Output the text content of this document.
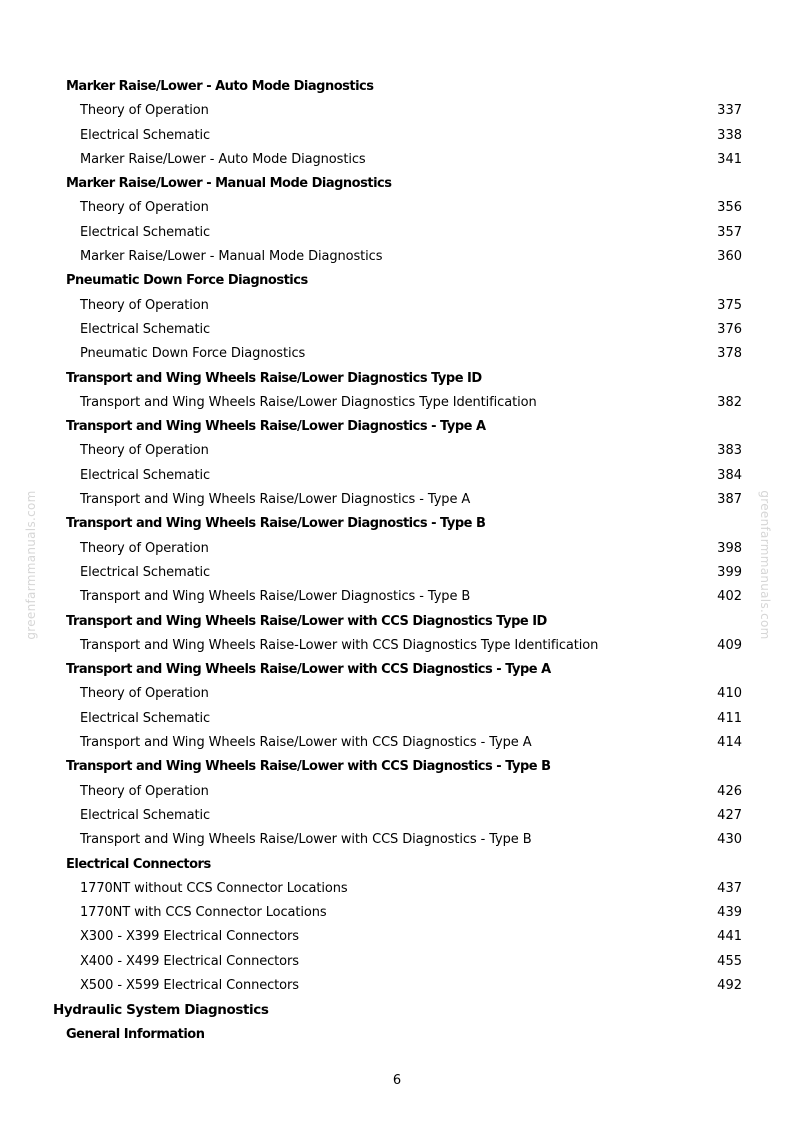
greenfarmmanuals.com	greenfarmmanuals.com
Marker Raise/Lower - Auto Mode Diagnostics
Theory of Operation	337
Electrical Schematic	338
Marker Raise/Lower - Auto Mode Diagnostics	341
Marker Raise/Lower - Manual Mode Diagnostics
Theory of Operation	356
Electrical Schematic	357
Marker Raise/Lower - Manual Mode Diagnostics	360
Pneumatic Down Force Diagnostics
Theory of Operation	375
Electrical Schematic	376
Pneumatic Down Force Diagnostics	378
Transport and Wing Wheels Raise/Lower Diagnostics Type ID
Transport and Wing Wheels Raise/Lower Diagnostics Type Identification	382
Transport and Wing Wheels Raise/Lower Diagnostics - Type A
Theory of Operation	383
Electrical Schematic	384
Transport and Wing Wheels Raise/Lower Diagnostics - Type A	387
Transport and Wing Wheels Raise/Lower Diagnostics - Type B
Theory of Operation	398
Electrical Schematic	399
Transport and Wing Wheels Raise/Lower Diagnostics - Type B	402
Transport and Wing Wheels Raise/Lower with CCS Diagnostics Type ID
Transport and Wing Wheels Raise-Lower with CCS Diagnostics Type Identification	409
Transport and Wing Wheels Raise/Lower with CCS Diagnostics - Type A
Theory of Operation	410
Electrical Schematic	411
Transport and Wing Wheels Raise/Lower with CCS Diagnostics - Type A	414
Transport and Wing Wheels Raise/Lower with CCS Diagnostics - Type B
Theory of Operation	426
Electrical Schematic	427
Transport and Wing Wheels Raise/Lower with CCS Diagnostics - Type B	430
Electrical Connectors
1770NT without CCS Connector Locations	437
1770NT with CCS Connector Locations	439
X300 - X399 Electrical Connectors	441
X400 - X499 Electrical Connectors	455
X500 - X599 Electrical Connectors	492
Hydraulic System Diagnostics
General Information
6
